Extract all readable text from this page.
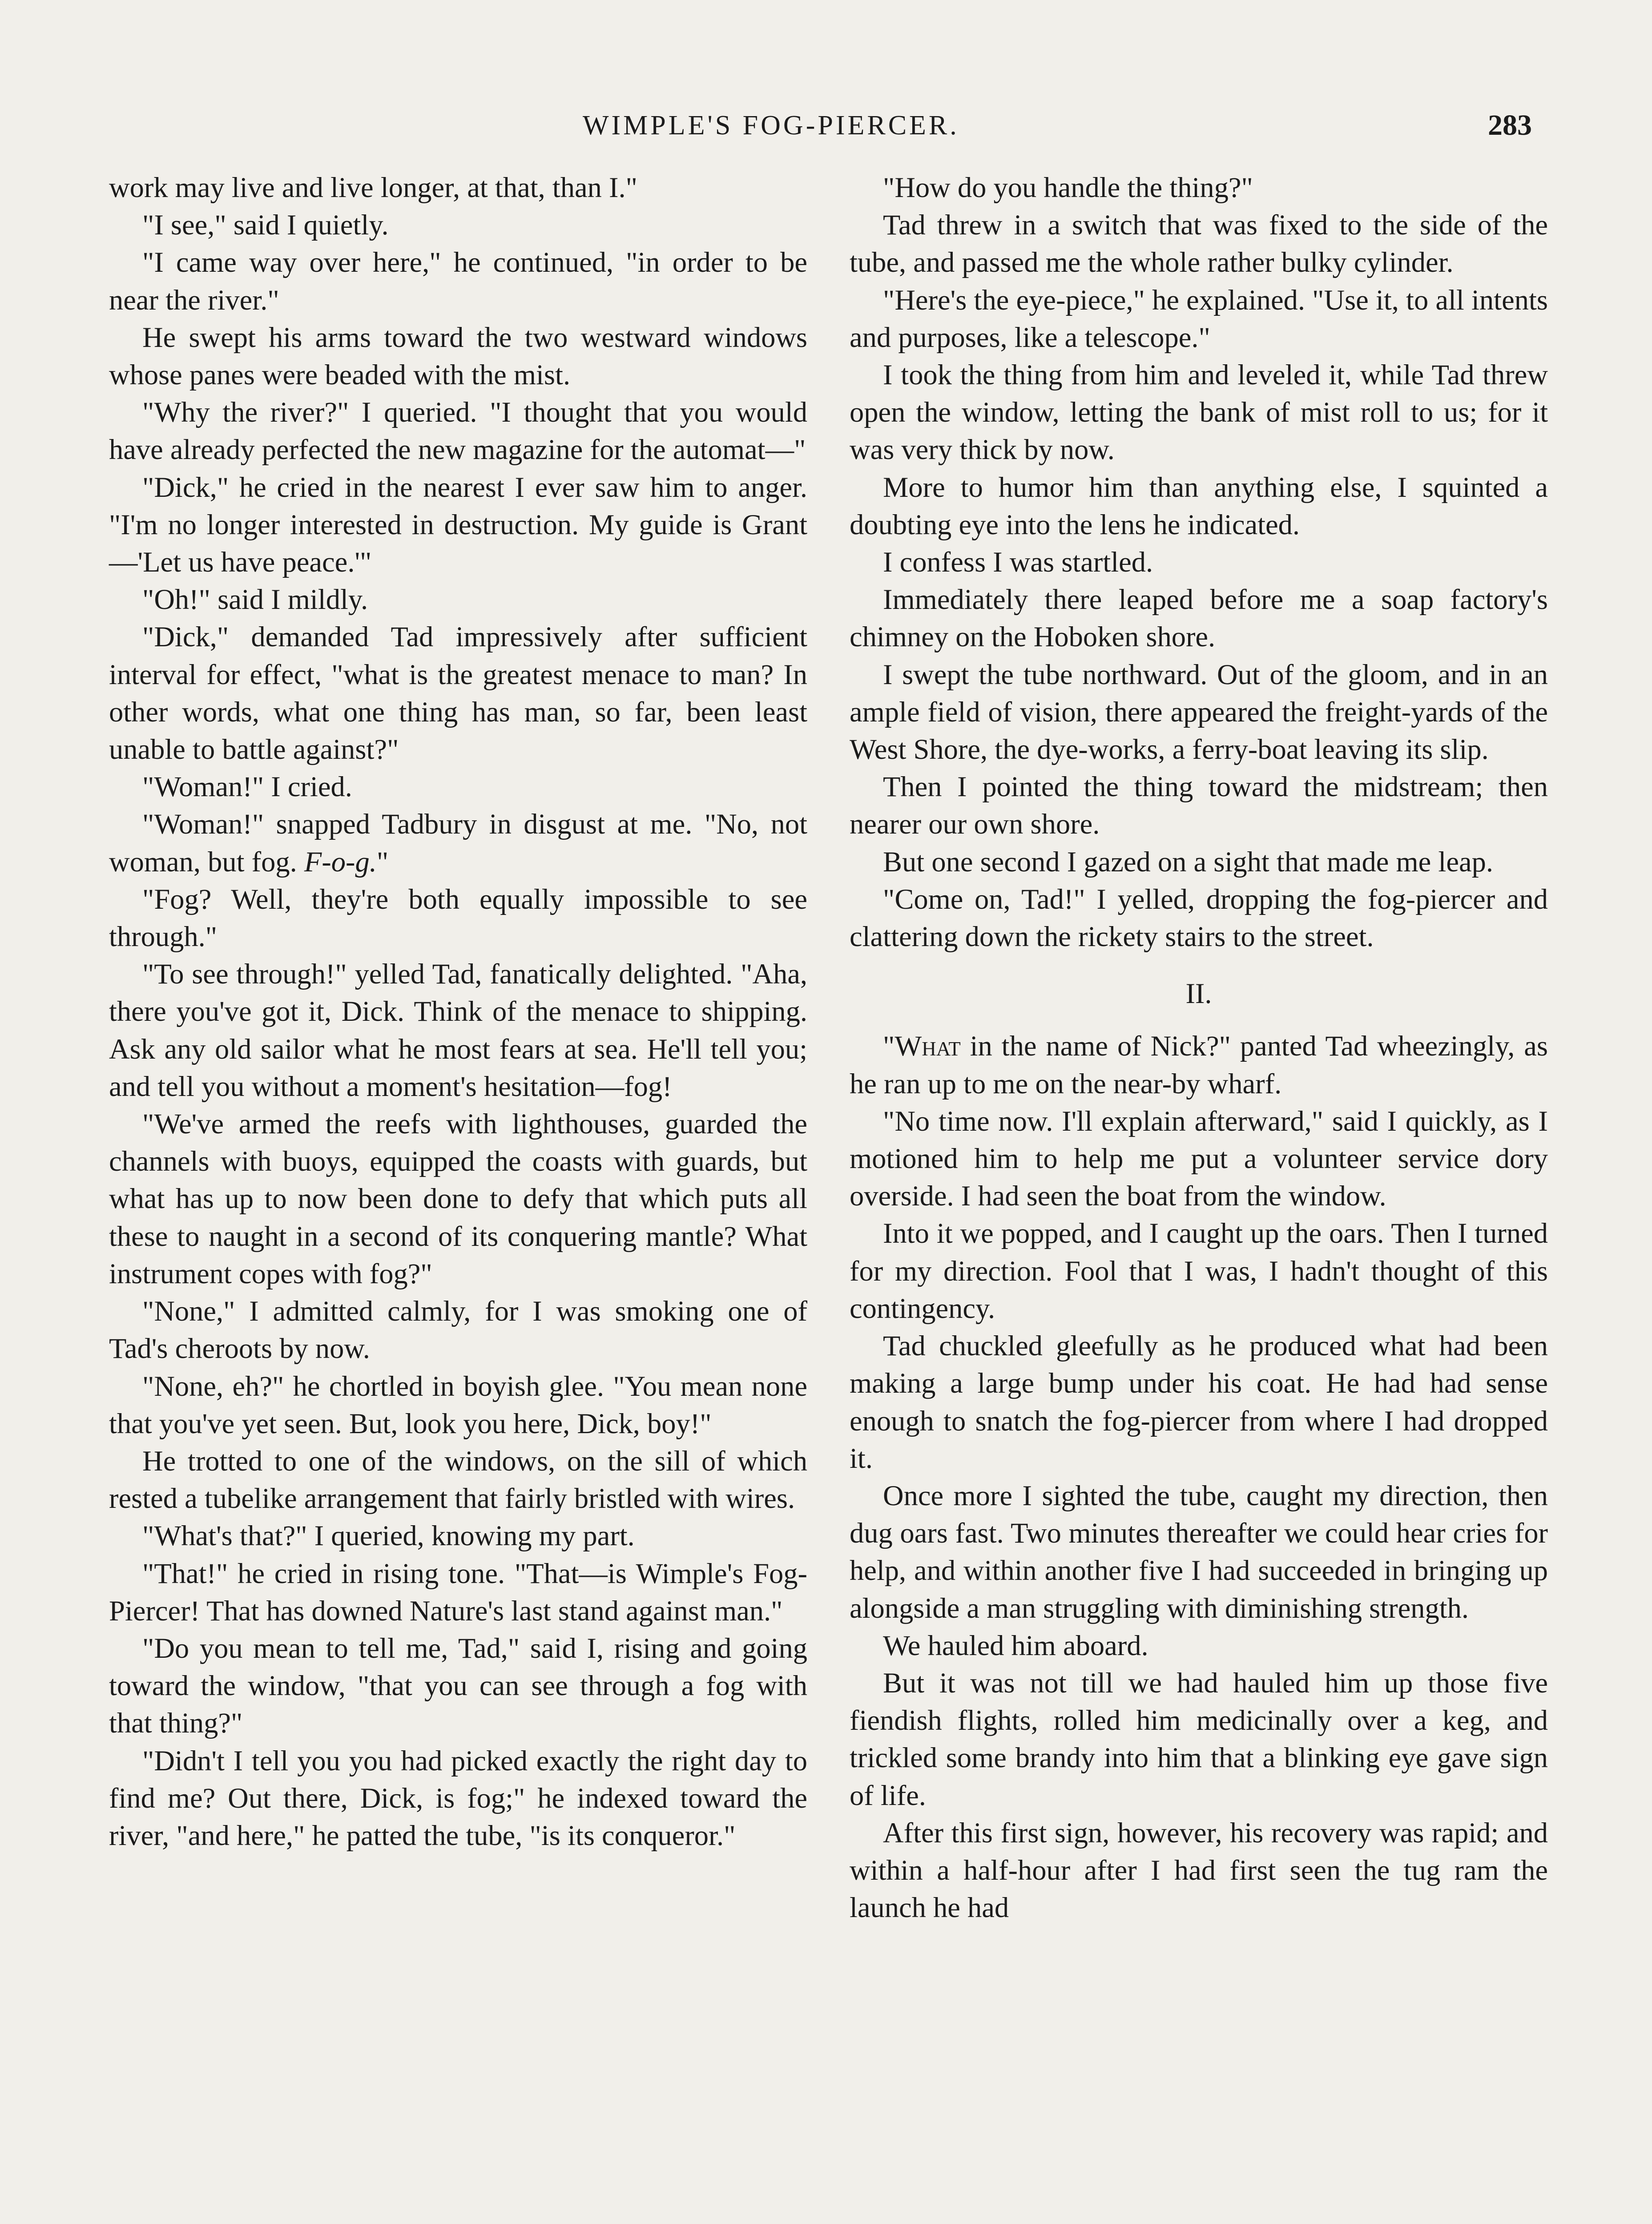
WIMPLE'S FOG-PIERCER.	283

work may live and live longer, at that, than I."

"I see," said I quietly.

"I came way over here," he continued, "in order to be near the river."

He swept his arms toward the two westward windows whose panes were beaded with the mist.

"Why the river?" I queried. "I thought that you would have already perfected the new magazine for the automat—"

"Dick," he cried in the nearest I ever saw him to anger. "I'm no longer interested in destruction. My guide is Grant—'Let us have peace.'"

"Oh!" said I mildly.

"Dick," demanded Tad impressively after sufficient interval for effect, "what is the greatest menace to man? In other words, what one thing has man, so far, been least unable to battle against?"

"Woman!" I cried.

"Woman!" snapped Tadbury in disgust at me. "No, not woman, but fog. F-o-g."

"Fog? Well, they're both equally impossible to see through."

"To see through!" yelled Tad, fanatically delighted. "Aha, there you've got it, Dick. Think of the menace to shipping. Ask any old sailor what he most fears at sea. He'll tell you; and tell you without a moment's hesitation—fog!

"We've armed the reefs with lighthouses, guarded the channels with buoys, equipped the coasts with guards, but what has up to now been done to defy that which puts all these to naught in a second of its conquering mantle? What instrument copes with fog?"

"None," I admitted calmly, for I was smoking one of Tad's cheroots by now.

"None, eh?" he chortled in boyish glee. "You mean none that you've yet seen. But, look you here, Dick, boy!"

He trotted to one of the windows, on the sill of which rested a tubelike arrangement that fairly bristled with wires.

"What's that?" I queried, knowing my part.

"That!" he cried in rising tone. "That—is Wimple's Fog-Piercer! That has downed Nature's last stand against man."

"Do you mean to tell me, Tad," said I, rising and going toward the window, "that you can see through a fog with that thing?"

"Didn't I tell you you had picked exactly the right day to find me? Out there, Dick, is fog;" he indexed toward the river, "and here," he patted the tube, "is its conqueror."

"How do you handle the thing?"

Tad threw in a switch that was fixed to the side of the tube, and passed me the whole rather bulky cylinder.

"Here's the eye-piece," he explained. "Use it, to all intents and purposes, like a telescope."

I took the thing from him and leveled it, while Tad threw open the window, letting the bank of mist roll to us; for it was very thick by now.

More to humor him than anything else, I squinted a doubting eye into the lens he indicated.

I confess I was startled.

Immediately there leaped before me a soap factory's chimney on the Hoboken shore.

I swept the tube northward. Out of the gloom, and in an ample field of vision, there appeared the freight-yards of the West Shore, the dye-works, a ferry-boat leaving its slip.

Then I pointed the thing toward the midstream; then nearer our own shore.

But one second I gazed on a sight that made me leap.

"Come on, Tad!" I yelled, dropping the fog-piercer and clattering down the rickety stairs to the street.

II.

"What in the name of Nick?" panted Tad wheezingly, as he ran up to me on the near-by wharf.

"No time now. I'll explain afterward," said I quickly, as I motioned him to help me put a volunteer service dory overside. I had seen the boat from the window.

Into it we popped, and I caught up the oars. Then I turned for my direction. Fool that I was, I hadn't thought of this contingency.

Tad chuckled gleefully as he produced what had been making a large bump under his coat. He had had sense enough to snatch the fog-piercer from where I had dropped it.

Once more I sighted the tube, caught my direction, then dug oars fast. Two minutes thereafter we could hear cries for help, and within another five I had succeeded in bringing up alongside a man struggling with diminishing strength.

We hauled him aboard.

But it was not till we had hauled him up those five fiendish flights, rolled him medicinally over a keg, and trickled some brandy into him that a blinking eye gave sign of life.

After this first sign, however, his recovery was rapid; and within a half-hour after I had first seen the tug ram the launch he had
